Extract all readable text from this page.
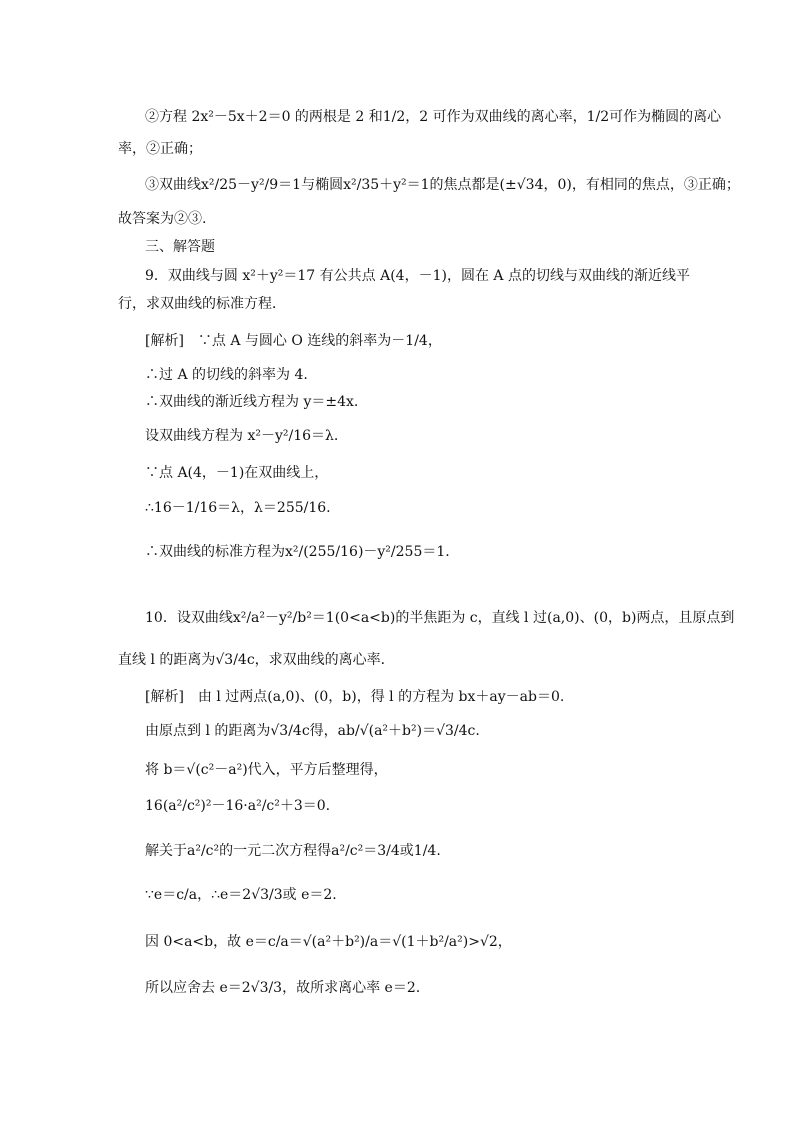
②方程 2x²－5x＋2＝0 的两根是 2 和1/2，2 可作为双曲线的离心率，1/2可作为椭圆的离心
率，②正确；
③双曲线x²/25－y²/9＝1与椭圆x²/35＋y²＝1的焦点都是(±√34，0)，有相同的焦点，③正确；
故答案为②③.
三、解答题
9．双曲线与圆 x²＋y²＝17 有公共点 A(4，－1)，圆在 A 点的切线与双曲线的渐近线平
行，求双曲线的标准方程．
[解析]　∵点 A 与圆心 O 连线的斜率为－1/4，
∴过 A 的切线的斜率为 4.
∴双曲线的渐近线方程为 y＝±4x.
设双曲线方程为 x²－y²/16＝λ.
∵点 A(4，－1)在双曲线上，
∴16－1/16＝λ，λ＝255/16.
∴双曲线的标准方程为x²/(255/16)－y²/255＝1.
10．设双曲线x²/a²－y²/b²＝1(0<a<b)的半焦距为 c，直线 l 过(a,0)、(0，b)两点，且原点到
直线 l 的距离为√3/4c，求双曲线的离心率．
[解析]　由 l 过两点(a,0)、(0，b)，得 l 的方程为 bx＋ay－ab＝0.
由原点到 l 的距离为√3/4c得，ab/√(a²＋b²)＝√3/4c.
将 b＝√(c²－a²)代入，平方后整理得，
16(a²/c²)²－16·a²/c²＋3＝0.
解关于a²/c²的一元二次方程得a²/c²＝3/4或1/4.
∵e＝c/a，∴e＝2√3/3或 e＝2.
因 0<a<b，故 e＝c/a＝√(a²＋b²)/a＝√(1＋b²/a²)>√2，
所以应舍去 e＝2√3/3，故所求离心率 e＝2.
